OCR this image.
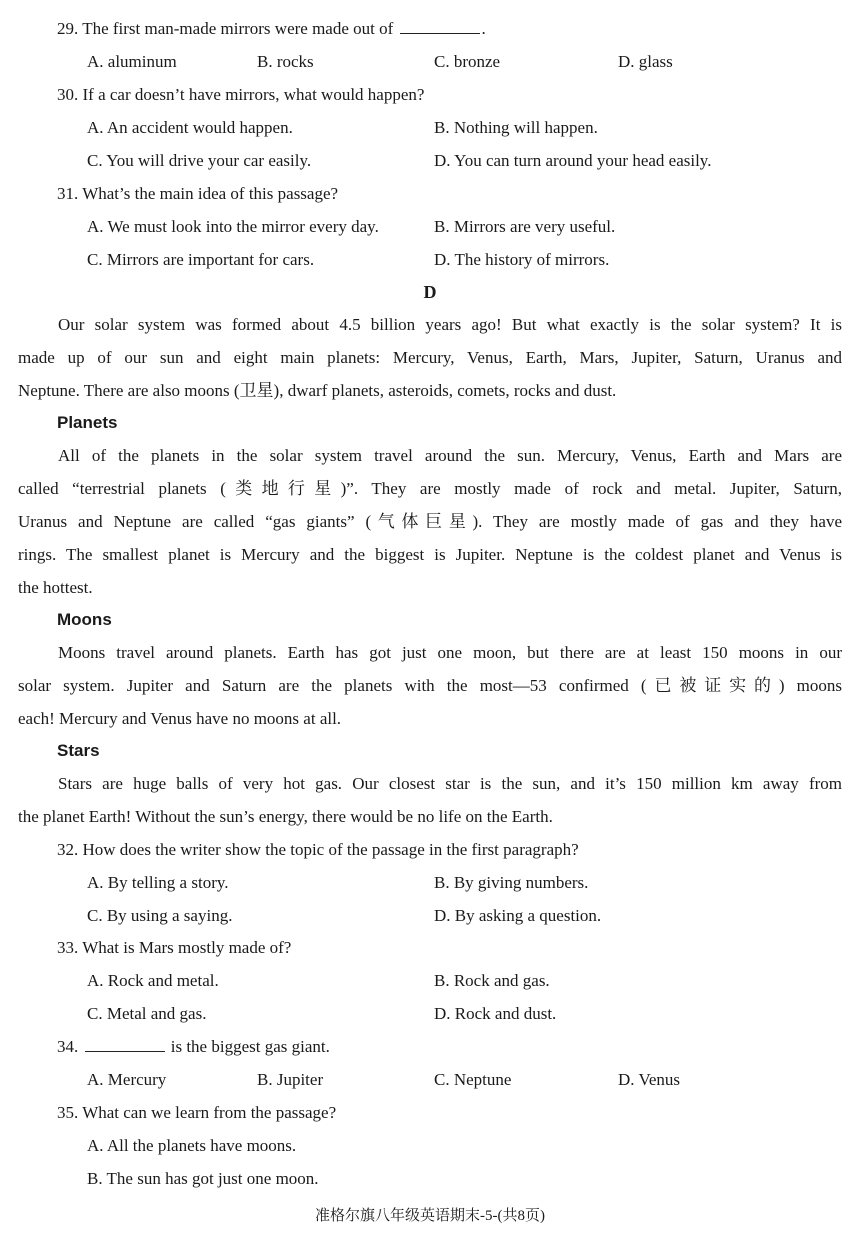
29. The first man-made mirrors were made out of	.
A. aluminum	B. rocks	C. bronze	D. glass
30. If a car doesn’t have mirrors, what would happen?
A. An accident would happen.	B. Nothing will happen.
C. You will drive your car easily.	D. You can turn around your head easily.
31. What’s the main idea of this passage?
A. We must look into the mirror every day.	B. Mirrors are very useful.
C. Mirrors are important for cars.	D. The history of mirrors.
D
Our solar system was formed about 4.5 billion years ago! But what exactly is the solar system? It is
made up of our sun and eight main planets: Mercury, Venus, Earth, Mars, Jupiter, Saturn, Uranus and
Neptune. There are also moons (卫星), dwarf planets, asteroids, comets, rocks and dust.
Planets
All of the planets in the solar system travel around the sun. Mercury, Venus, Earth and Mars are
called “terrestrial planets (类地行星)”. They are mostly made of rock and metal. Jupiter, Saturn,
Uranus and Neptune are called “gas giants” (气体巨星). They are mostly made of gas and they have
rings. The smallest planet is Mercury and the biggest is Jupiter. Neptune is the coldest planet and Venus is
the hottest.
Moons
Moons travel around planets. Earth has got just one moon, but there are at least 150 moons in our
solar system. Jupiter and Saturn are the planets with the most—53 confirmed (已被证实的) moons
each! Mercury and Venus have no moons at all.
Stars
Stars are huge balls of very hot gas. Our closest star is the sun, and it’s 150 million km away from
the planet Earth! Without the sun’s energy, there would be no life on the Earth.
32. How does the writer show the topic of the passage in the first paragraph?
A. By telling a story.	B. By giving numbers.
C. By using a saying.	D. By asking a question.
33. What is Mars mostly made of?
A. Rock and metal.	B. Rock and gas.
C. Metal and gas.	D. Rock and dust.
34.	is the biggest gas giant.
A. Mercury	B. Jupiter	C. Neptune	D. Venus
35. What can we learn from the passage?
A. All the planets have moons.
B. The sun has got just one moon.
准格尔旗八年级英语期末-5-(共8页)
